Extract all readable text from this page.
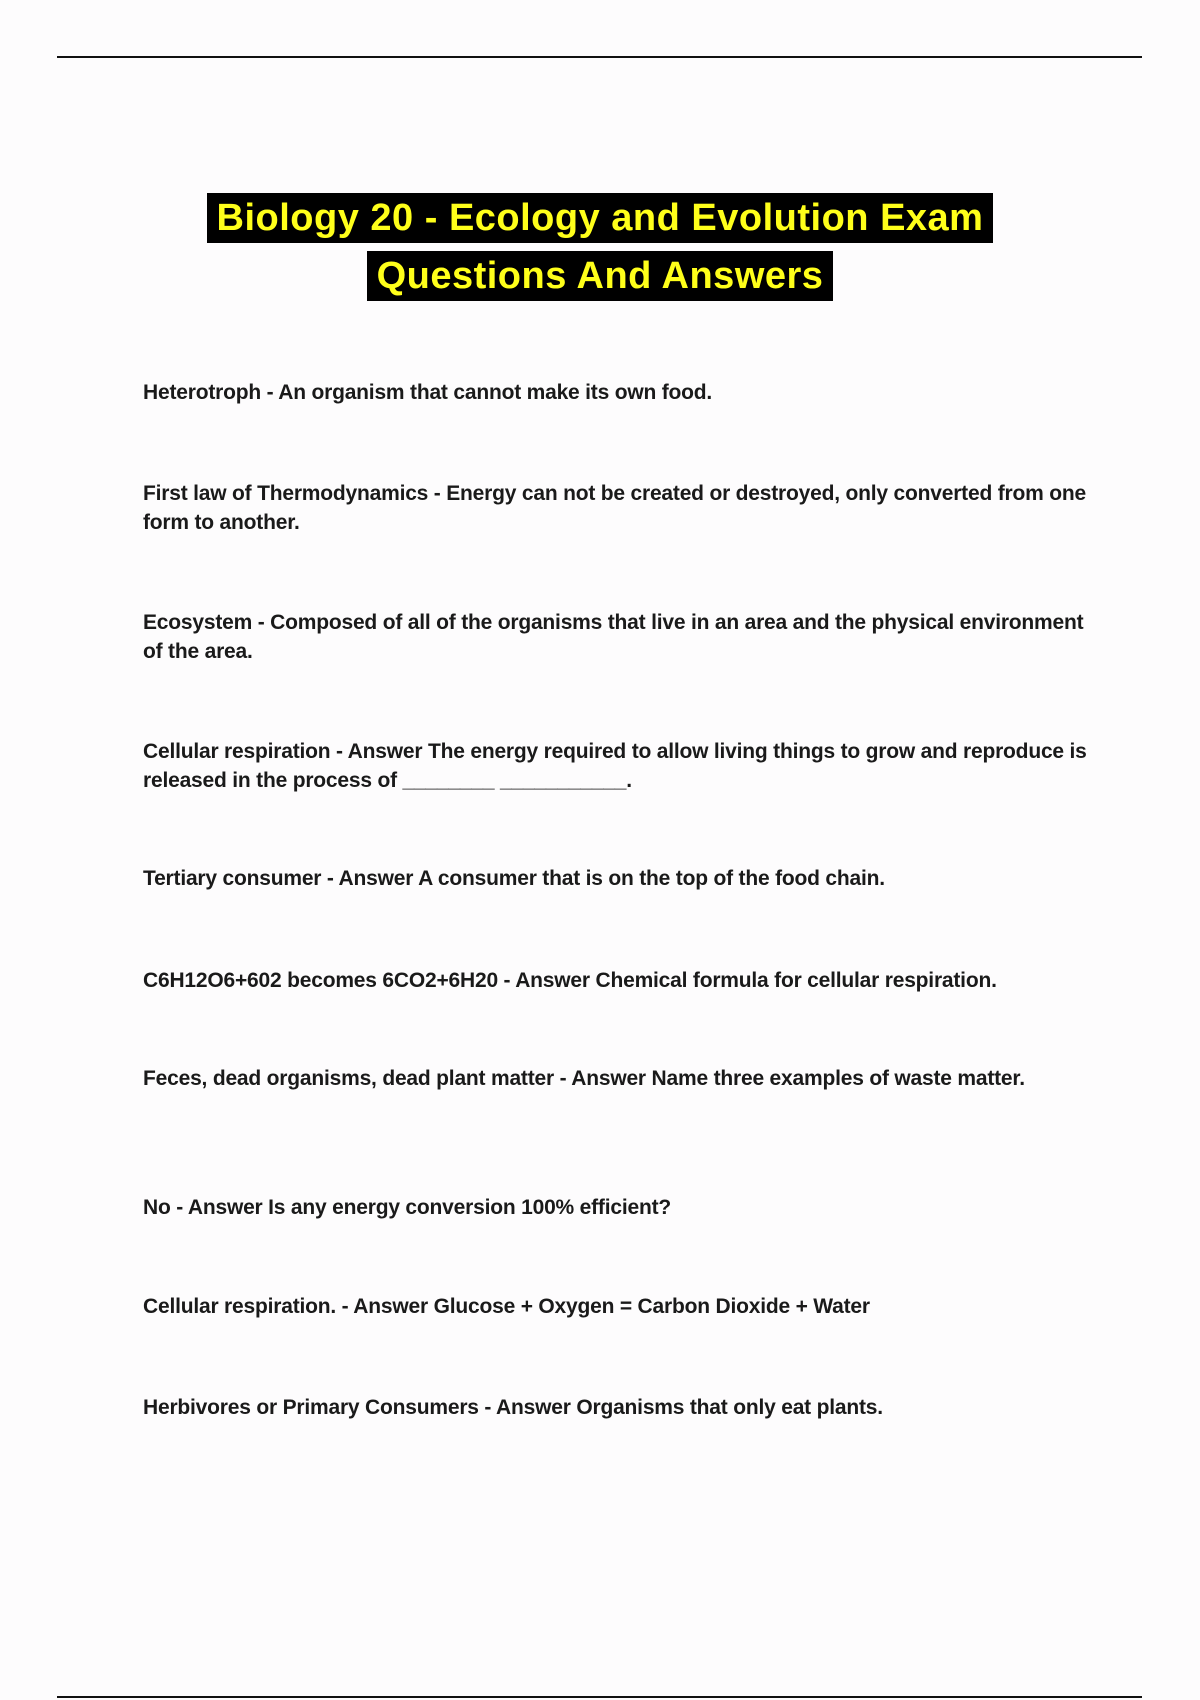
Biology 20 - Ecology and Evolution Exam
Questions And Answers
Heterotroph - An organism that cannot make its own food.
First law of Thermodynamics - Energy can not be created or destroyed, only converted from one form to another.
Ecosystem - Composed of all of the organisms that live in an area and the physical environment of the area.
Cellular respiration - Answer The energy required to allow living things to grow and reproduce is released in the process of ________ ___________.
Tertiary consumer - Answer A consumer that is on the top of the food chain.
C6H12O6+602 becomes 6CO2+6H20 - Answer Chemical formula for cellular respiration.
Feces, dead organisms, dead plant matter - Answer Name three examples of waste matter.
No - Answer Is any energy conversion 100% efficient?
Cellular respiration. - Answer Glucose + Oxygen = Carbon Dioxide + Water
Herbivores or Primary Consumers - Answer Organisms that only eat plants.
